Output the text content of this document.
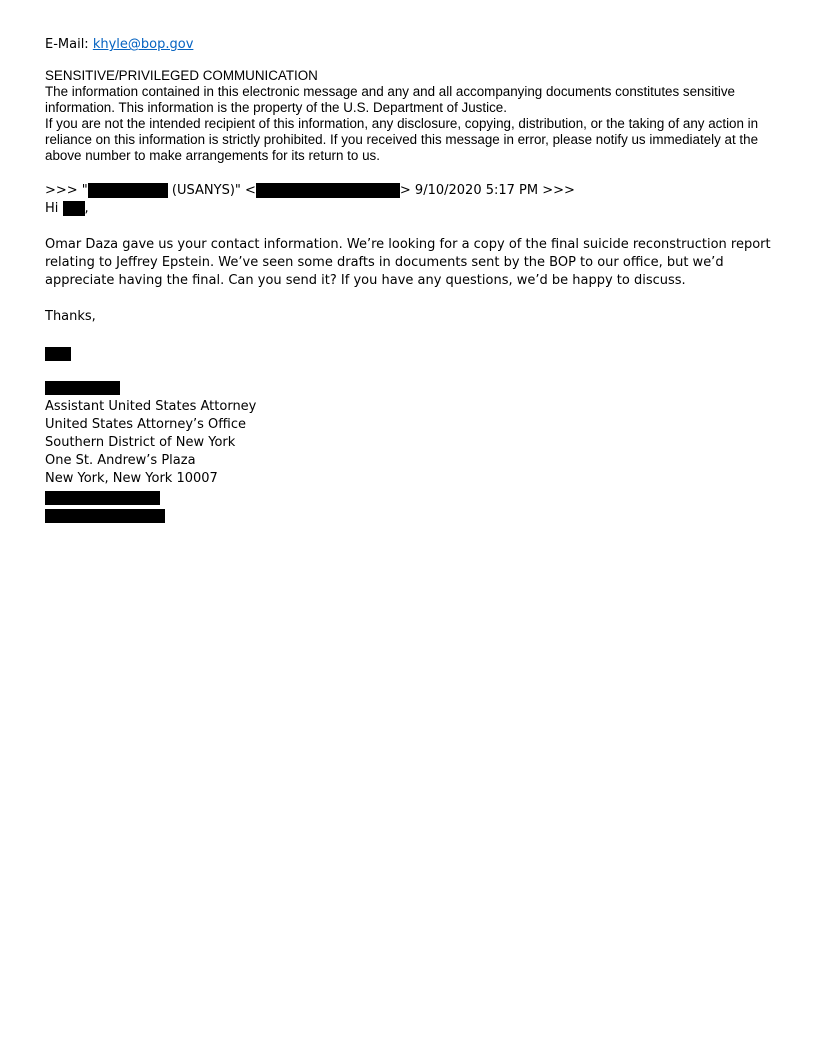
E-Mail: khyle@bop.gov
SENSITIVE/PRIVILEGED COMMUNICATION
The information contained in this electronic message and any and all accompanying documents constitutes sensitive information. This information is the property of the U.S. Department of Justice.
If you are not the intended recipient of this information, any disclosure, copying, distribution, or the taking of any action in reliance on this information is strictly prohibited. If you received this message in error, please notify us immediately at the above number to make arrangements for its return to us.
>>> "	(USANYS)" <	> 9/10/2020 5:17 PM >>>
Hi ,
Omar Daza gave us your contact information. We’re looking for a copy of the final suicide reconstruction report relating to Jeffrey Epstein. We’ve seen some drafts in documents sent by the BOP to our office, but we’d appreciate having the final. Can you send it? If you have any questions, we’d be happy to discuss.
Thanks,
Assistant United States Attorney
United States Attorney’s Office
Southern District of New York
One St. Andrew’s Plaza
New York, New York 10007
